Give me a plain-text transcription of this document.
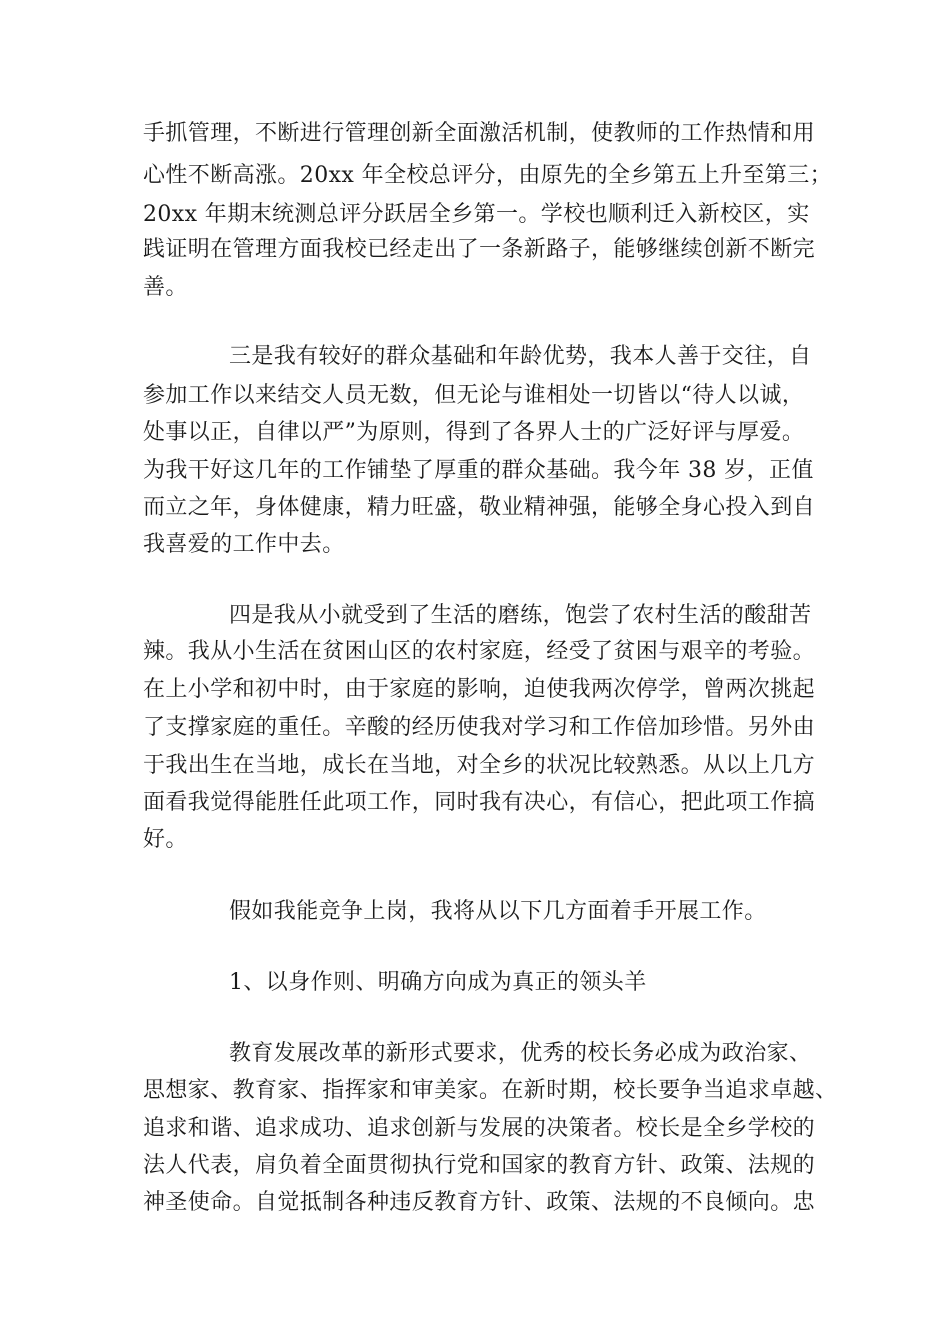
手抓管理，不断进行管理创新全面激活机制，使教师的工作热情和用
心性不断高涨。20xx 年全校总评分，由原先的全乡第五上升至第三；
20xx 年期末统测总评分跃居全乡第一。学校也顺利迁入新校区，实
践证明在管理方面我校已经走出了一条新路子，能够继续创新不断完
善。
三是我有较好的群众基础和年龄优势，我本人善于交往，自
参加工作以来结交人员无数，但无论与谁相处一切皆以“待人以诚，
处事以正，自律以严”为原则，得到了各界人士的广泛好评与厚爱。
为我干好这几年的工作铺垫了厚重的群众基础。我今年 38 岁，正值
而立之年，身体健康，精力旺盛，敬业精神强，能够全身心投入到自
我喜爱的工作中去。
四是我从小就受到了生活的磨练，饱尝了农村生活的酸甜苦
辣。我从小生活在贫困山区的农村家庭，经受了贫困与艰辛的考验。
在上小学和初中时，由于家庭的影响，迫使我两次停学，曾两次挑起
了支撑家庭的重任。辛酸的经历使我对学习和工作倍加珍惜。另外由
于我出生在当地，成长在当地，对全乡的状况比较熟悉。从以上几方
面看我觉得能胜任此项工作，同时我有决心，有信心，把此项工作搞
好。
假如我能竞争上岗，我将从以下几方面着手开展工作。
1、以身作则、明确方向成为真正的领头羊
教育发展改革的新形式要求，优秀的校长务必成为政治家、
思想家、教育家、指挥家和审美家。在新时期，校长要争当追求卓越、
追求和谐、追求成功、追求创新与发展的决策者。校长是全乡学校的
法人代表，肩负着全面贯彻执行党和国家的教育方针、政策、法规的
神圣使命。自觉抵制各种违反教育方针、政策、法规的不良倾向。忠
